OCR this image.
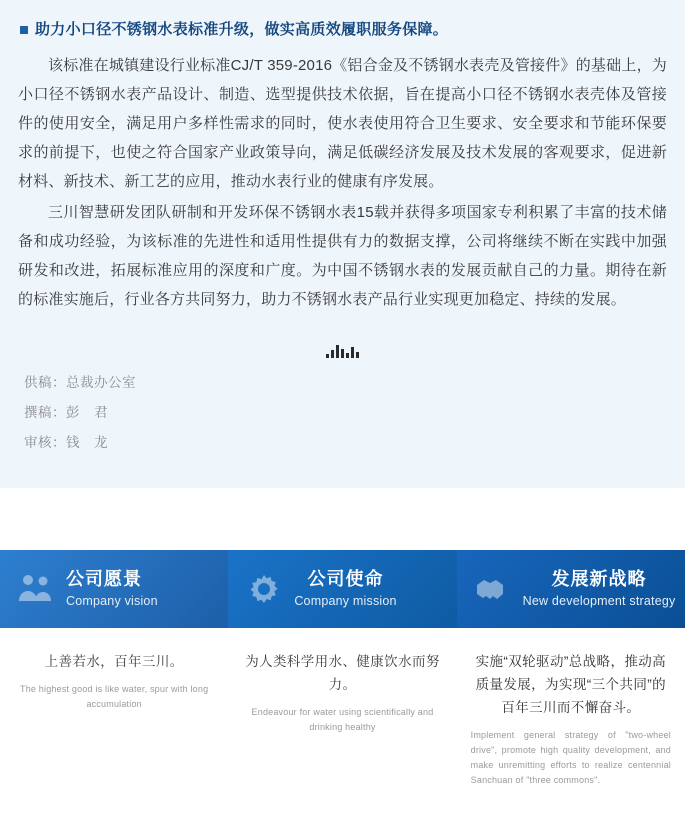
助力小口径不锈钢水表标准升级，做实高质效履职服务保障。

该标准在城镇建设行业标准CJ/T 359-2016《铝合金及不锈钢水表壳及管接件》的基础上，为小口径不锈钢水表产品设计、制造、选型提供技术依据，旨在提高小口径不锈钢水表壳体及管接件的使用安全，满足用户多样性需求的同时，使水表使用符合卫生要求、安全要求和节能环保要求的前提下，也使之符合国家产业政策导向，满足低碳经济发展及技术发展的客观要求，促进新材料、新技术、新工艺的应用，推动水表行业的健康有序发展。

三川智慧研发团队研制和开发环保不锈钢水表15载并获得多项国家专利积累了丰富的技术储备和成功经验，为该标准的先进性和适用性提供有力的数据支撑，公司将继续不断在实践中加强研发和改进，拓展标准应用的深度和广度。为中国不锈钢水表的发展贡献自己的力量。期待在新的标准实施后，行业各方共同努力，助力不锈钢水表产品行业实现更加稳定、持续的发展。

供稿：总裁办公室
撰稿：彭　君
审核：钱　龙
公司愿景
Company vision
公司使命
Company mission
发展新战略
New development strategy
上善若水，百年三川。
The highest good is like water, spur with long accumulation
为人类科学用水、健康饮水而努力。
Endeavour for water using scientifically and drinking healthy
实施“双轮驱动”总战略，推动高质量发展，为实现“三个共同”的百年三川而不懈奋斗。
Implement general strategy of "two-wheel drive", promote high quality development, and make unremitting efforts to realize centennial Sanchuan of "three commons".
